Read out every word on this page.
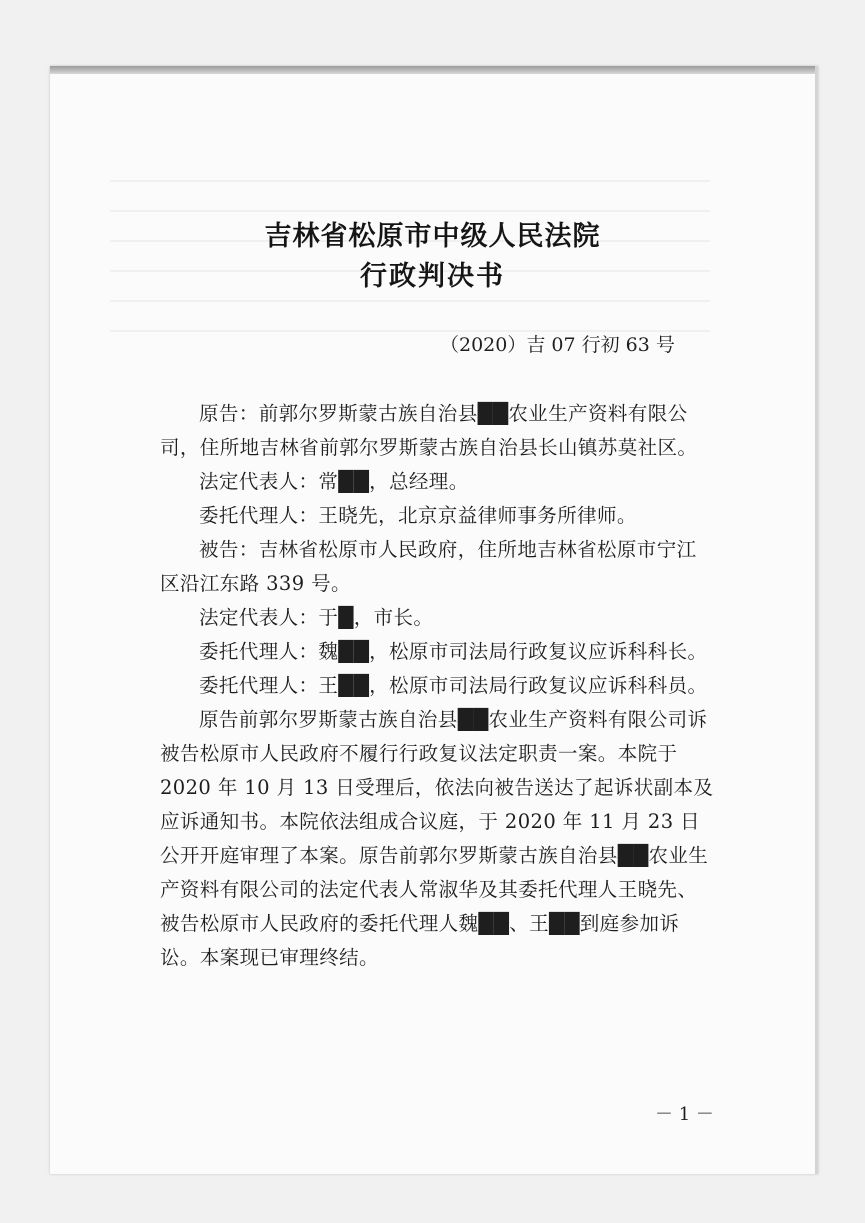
吉林省松原市中级人民法院
行政判决书
（2020）吉 07 行初 63 号

原告：前郭尔罗斯蒙古族自治县██农业生产资料有限公司，住所地吉林省前郭尔罗斯蒙古族自治县长山镇苏莫社区。

法定代表人：常██，总经理。

委托代理人：王晓先，北京京益律师事务所律师。

被告：吉林省松原市人民政府，住所地吉林省松原市宁江区沿江东路 339 号。

法定代表人：于█，市长。

委托代理人：魏██，松原市司法局行政复议应诉科科长。

委托代理人：王██，松原市司法局行政复议应诉科科员。

原告前郭尔罗斯蒙古族自治县██农业生产资料有限公司诉被告松原市人民政府不履行行政复议法定职责一案。本院于 2020 年 10 月 13 日受理后，依法向被告送达了起诉状副本及应诉通知书。本院依法组成合议庭，于 2020 年 11 月 23 日公开开庭审理了本案。原告前郭尔罗斯蒙古族自治县██农业生产资料有限公司的法定代表人常淑华及其委托代理人王晓先、被告松原市人民政府的委托代理人魏██、王██到庭参加诉讼。本案现已审理终结。

－ 1 －
